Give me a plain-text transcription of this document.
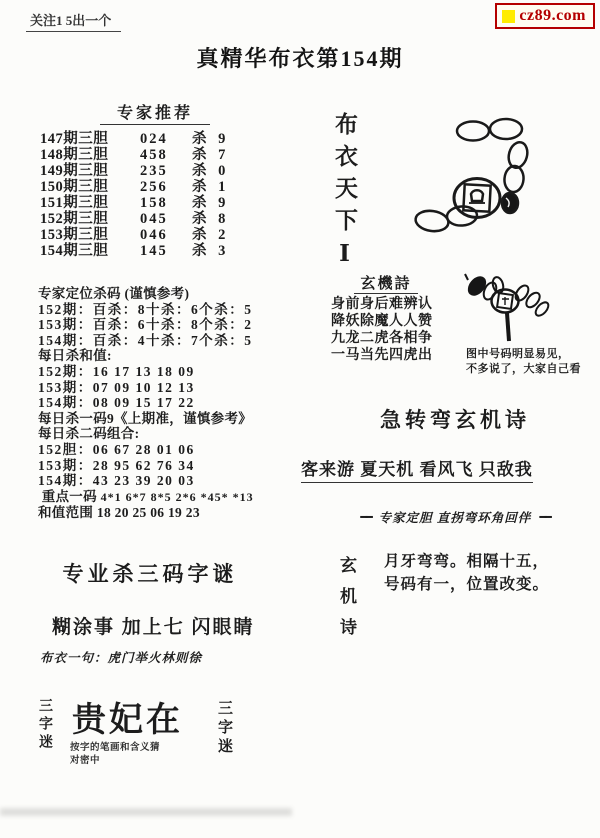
关注1 5出一个	cz89.com
真精华布衣第154期
专家推荐
147期三胆	024	杀 9
148期三胆	458	杀 7
149期三胆	235	杀 0
150期三胆	256	杀 1
151期三胆	158	杀 9
152期三胆	045	杀 8
153期三胆	046	杀 2
154期三胆	145	杀 3
专家定位杀码 (谨慎参考)
152期：百杀：8十杀：6个杀：5
153期：百杀：6十杀：8个杀：2
154期：百杀：4十杀：7个杀：5
每日杀和值:
152期：16 17 13 18 09
153期：07 09 10 12 13
154期：08 09 15 17 22
每日杀一码9《上期准，谨慎参考》
每日杀二码组合:
152胆：06 67 28 01 06
153期：28 95 62 76 34
154期：43 23 39 20 03
重点一码 4*1 6*7 8*5 2*6 *45* *13
和值范围 18 20 25 06 19 23
专业杀三码字谜
糊涂事 加上七 闪眼睛
布衣一句：虎门举火林则徐
三字迷 贵妃在 三字迷
按字的笔画和含义猜
对密中
布衣天下Ⅰ
玄機詩
身前身后难辨认
降妖除魔人人赞
九龙二虎各相争
一马当先四虎出	图中号码明显易见，
不多说了，大家自己看
急转弯玄机诗
客来游 夏天机 看风飞 只敌我
━━ 专家定胆 直拐弯环角回伴 ━━
玄机诗 月牙弯弯。相隔十五，
号码有一，位置改变。
